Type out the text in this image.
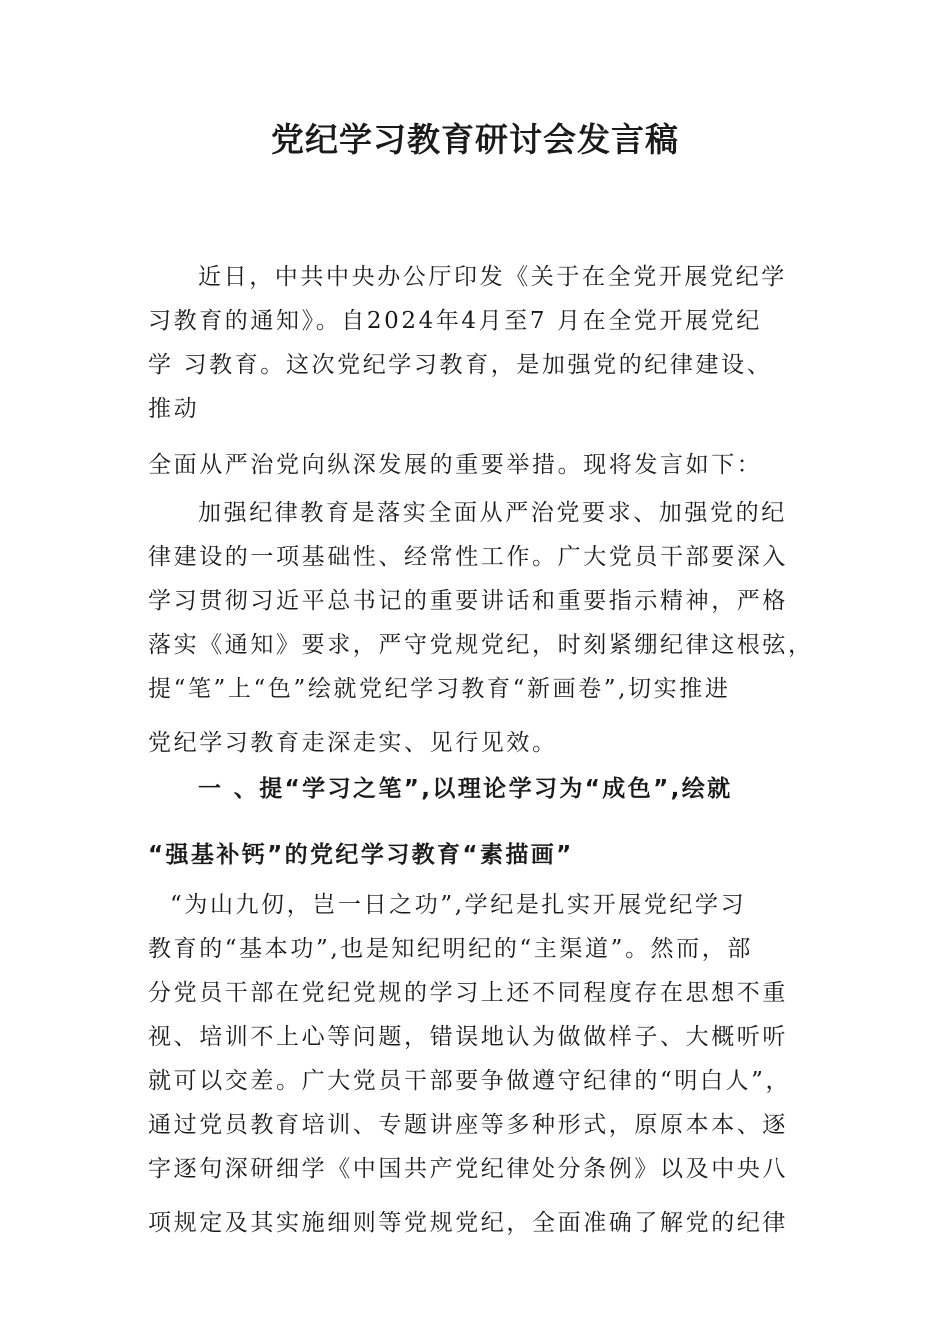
党纪学习教育研讨会发言稿
近日，中共中央办公厅印发《关于在全党开展党纪学
习教育的通知》。自2024年4月至7 月在全党开展党纪
学 习教育。这次党纪学习教育，是加强党的纪律建设、
推动
全面从严治党向纵深发展的重要举措。现将发言如下：
加强纪律教育是落实全面从严治党要求、加强党的纪
律建设的一项基础性、经常性工作。广大党员干部要深入
学习贯彻习近平总书记的重要讲话和重要指示精神，严格
落实《通知》要求，严守党规党纪，时刻紧绷纪律这根弦，
提“笔”上“色”绘就党纪学习教育“新画卷”,切实推进
党纪学习教育走深走实、见行见效。
一 、提“学习之笔”,以理论学习为“成色”,绘就
“强基补钙”的党纪学习教育“素描画”
“为山九仞，岂一日之功”,学纪是扎实开展党纪学习
教育的“基本功”,也是知纪明纪的“主渠道”。然而，部
分党员干部在党纪党规的学习上还不同程度存在思想不重
视、培训不上心等问题，错误地认为做做样子、大概听听
就可以交差。广大党员干部要争做遵守纪律的“明白人”，
通过党员教育培训、专题讲座等多种形式，原原本本、逐
字逐句深研细学《中国共产党纪律处分条例》以及中央八
项规定及其实施细则等党规党纪，全面准确了解党的纪律
